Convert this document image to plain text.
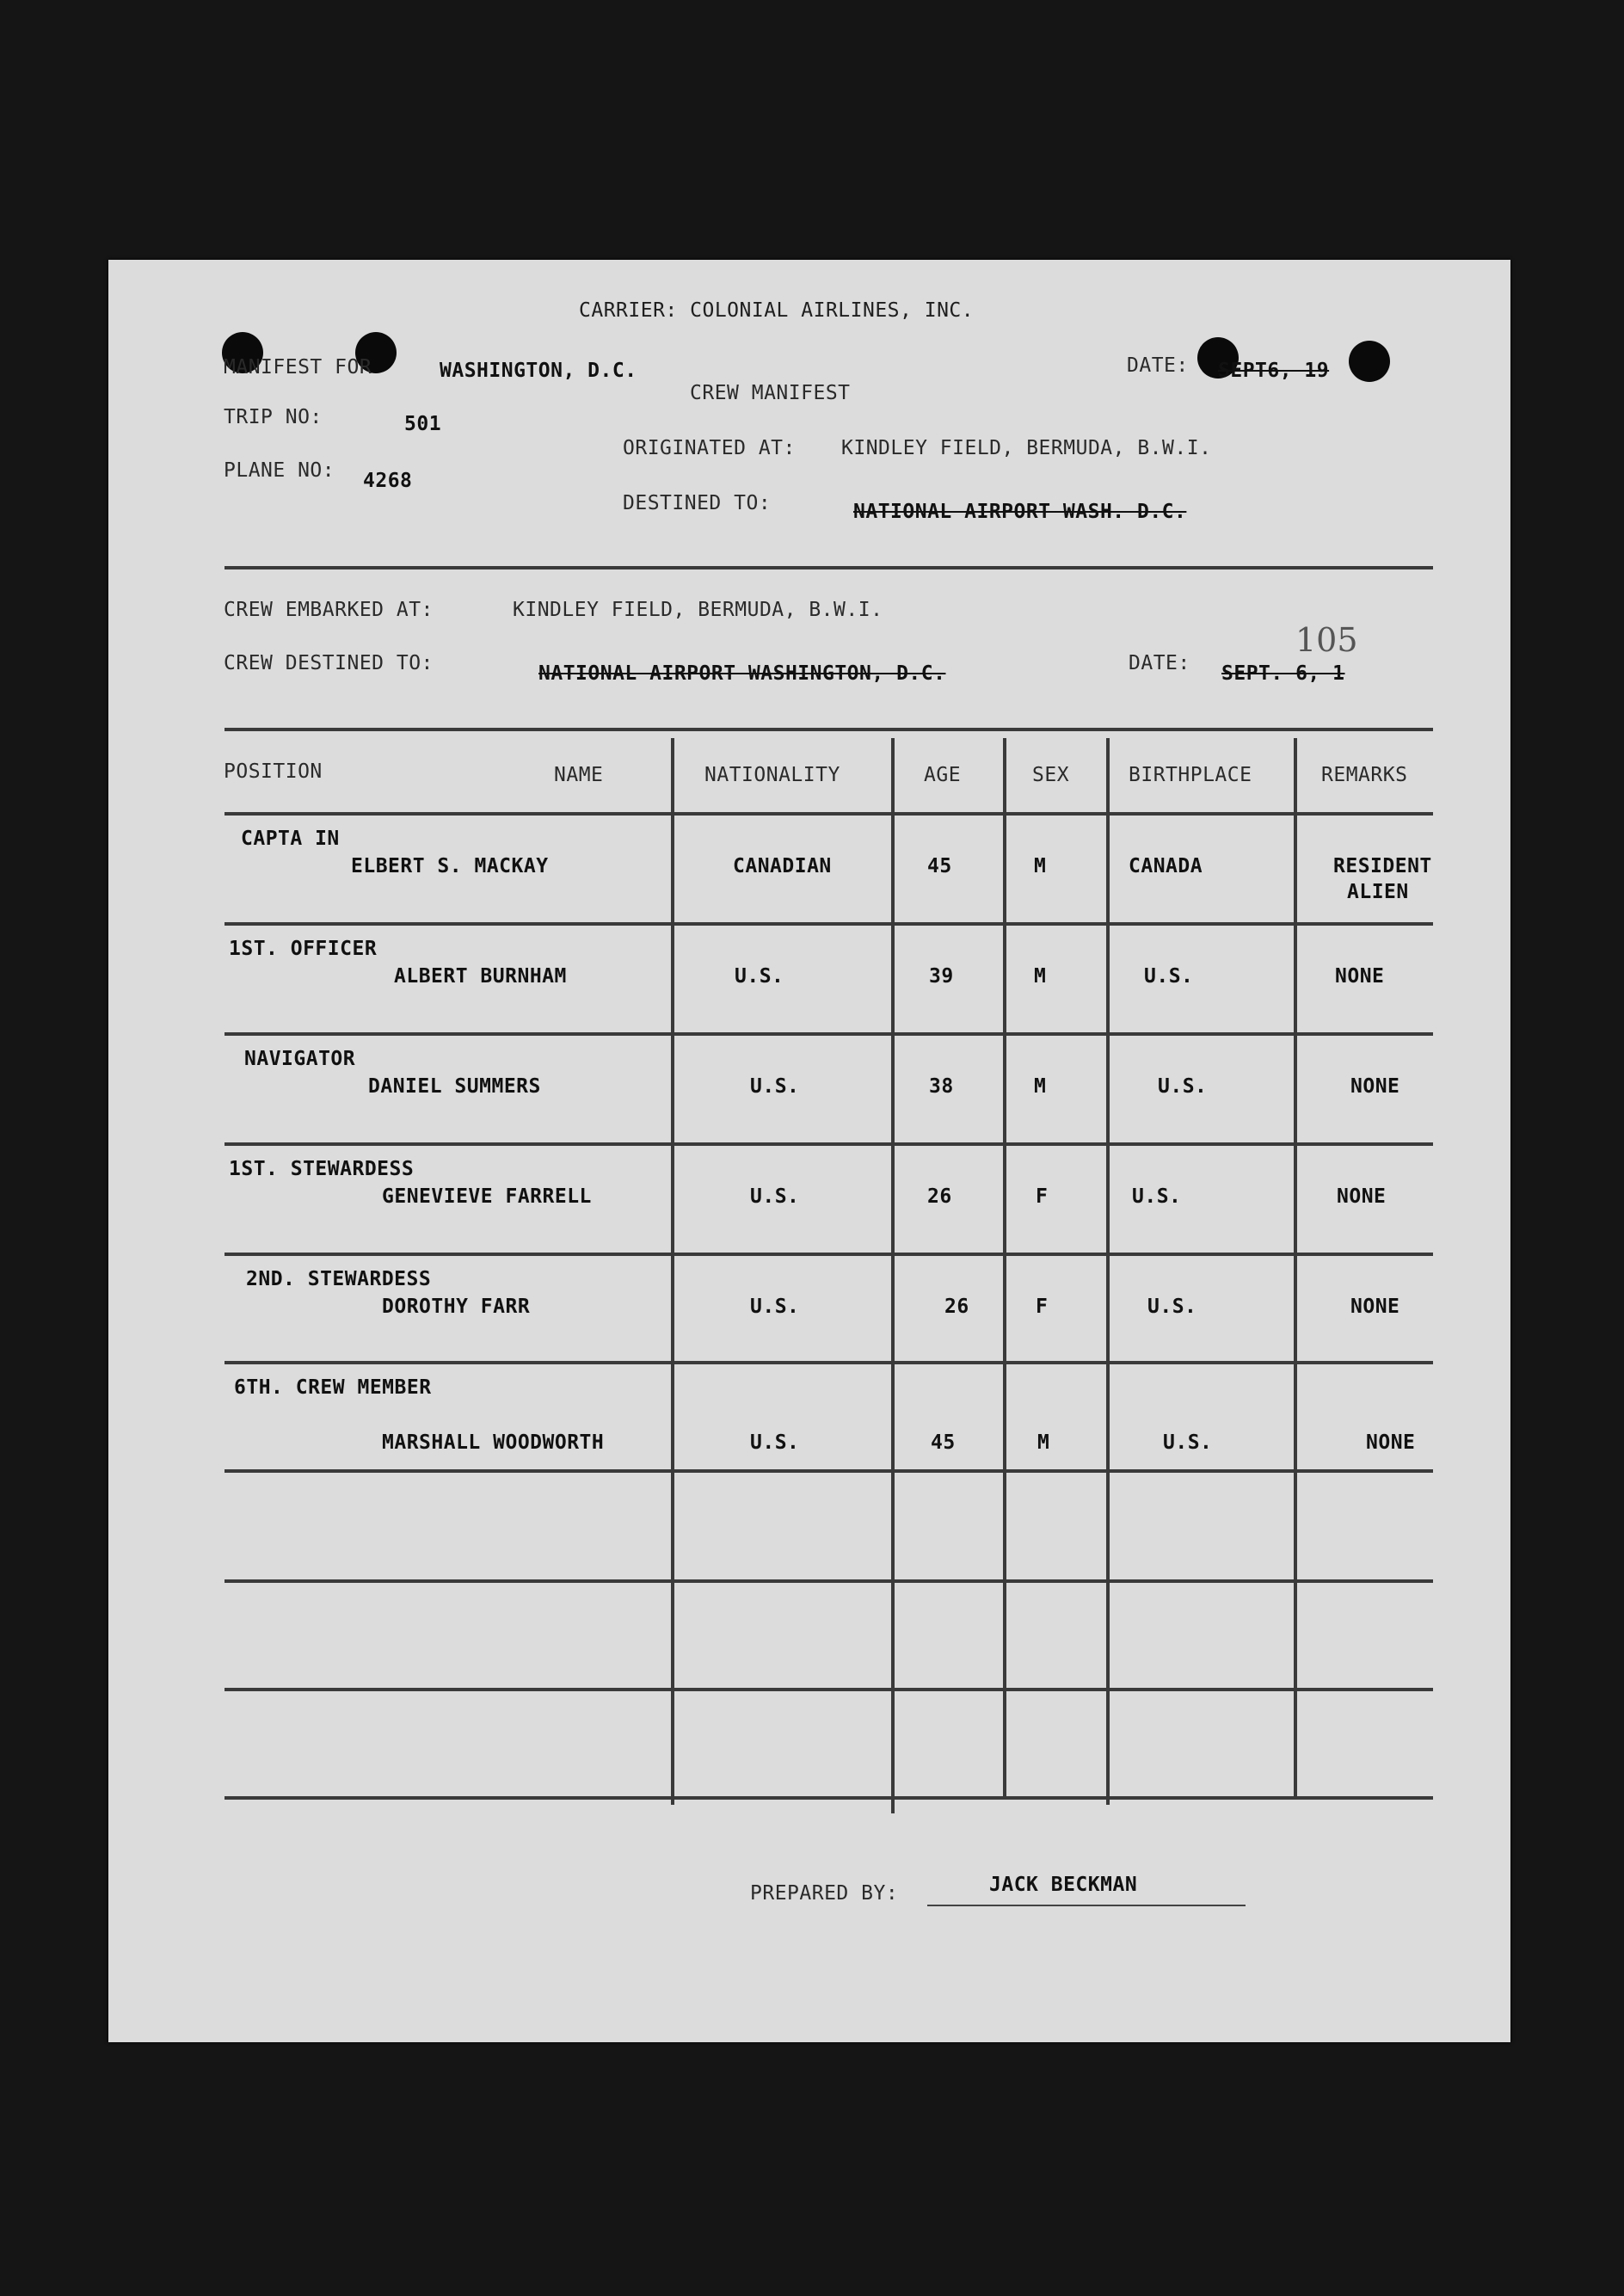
CARRIER: COLONIAL AIRLINES, INC.
MANIFEST FOR	WASHINGTON, D.C.
CREW MANIFEST
DATE: SEPT6, 19
TRIP NO:	501
PLANE NO: 4268
ORIGINATED AT: KINDLEY FIELD, BERMUDA, B.W.I.
DESTINED TO:	NATIONAL AIRPORT WASH. D.C.
CREW EMBARKED AT:	KINDLEY FIELD, BERMUDA, B.W.I.
105
CREW DESTINED TO:	NATIONAL AIRPORT WASHINGTON, D.C.	DATE: SEPT. 6, 1
POSITION	NAME	NATIONALITY	AGE	SEX	BIRTHPLACE	REMARKS
CAPTA IN
ELBERT S. MACKAY	CANADIAN	45	M	CANADA	RESIDENT
ALIEN
1ST. OFFICER
ALBERT BURNHAM	U.S.	39	M	U.S.	NONE
NAVIGATOR
DANIEL SUMMERS	U.S.	38	M	U.S.	NONE
1ST. STEWARDESS
GENEVIEVE FARRELL	U.S.	26	F	U.S.	NONE
2ND. STEWARDESS
DOROTHY FARR	U.S.	26	F	U.S.	NONE
6TH. CREW MEMBER
MARSHALL WOODWORTH	U.S.	45	M	U.S.	NONE
PREPARED BY:	JACK BECKMAN
